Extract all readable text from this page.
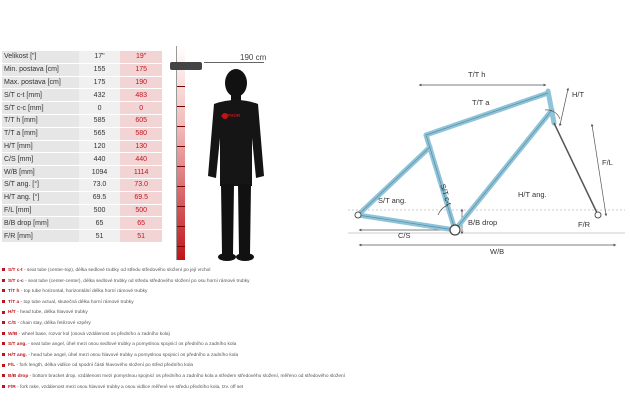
Velikost ["]	17"	19"
Min. postava [cm]	155	175
Max. postava [cm]	175	190
S/T c-t [mm]	432	483
S/T c-c [mm]	0	0
T/T h [mm]	585	605
T/T a [mm]	565	580
H/T [mm]	120	130
C/S [mm]	440	440
W/B [mm]	1094	1114
S/T ang. [°]	73.0	73.0
H/T ang. [°]	69.5	69.5
F/L [mm]	500	500
B/B drop [mm]	65	65
F/R [mm]	51	51
190 cm
AUTHOR
T/T h
T/T a
H/T
S/T c-t
F/L
S/T ang.
H/T ang.
B/B drop
C/S
W/B
F/R
S/T c-t - seat tube (center-top), délka sedlové trubky od středu středového složení po její vrchol
S/T c-c - seat tube (center-center), délka sedlové trubky od středu středového složení po osu horní rámové trubky
T/T h - top tube horizontal, horizontální délka horní rámové trubky
T/T a - top tube actual, skutečná délka horní rámové trubky
H/T - head tube, délka hlavové trubky
C/S - chain stay, délka řetězové vzpěry
W/B - wheel base, rozvor kol (osová vzdálenost os předního a zadního kola)
S/T ang. - seat tube angel, úhel mezi osou sedlové trubky a pomyslnou spojnicí os předního a zadního kola
H/T ang. - head tube angel, úhel mezi osou hlavové trubky a pomyslnou spojnicí os předního a zadního kola
F/L - fork length, délka vidlice od spodní části hlavového složení po střed předního kola
B/B drop - bottom bracket drop, vzdálenost mezi pomyslnou spojnicí os předního a zadního kola a středem středového složení, měřeno od středového složení
F/R - fork rake, vzdálenost mezi osou hlavové trubky a osou vidlice měřené ve středu předního kola, tzv. off set
